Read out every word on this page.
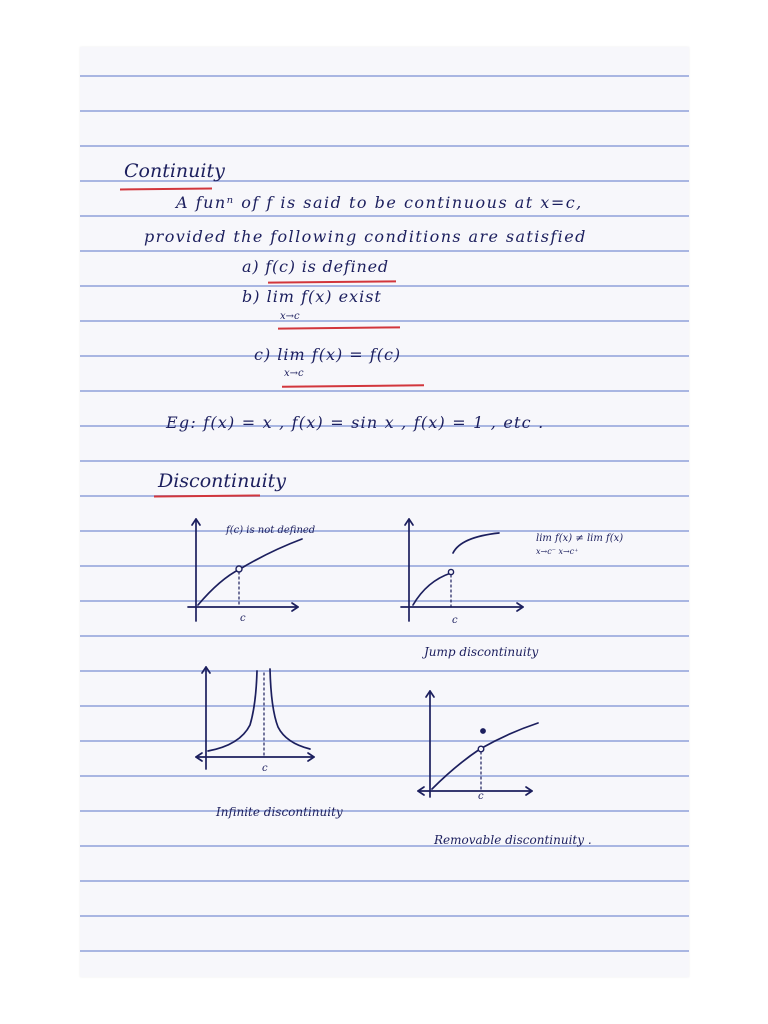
Continuity
A funⁿ of f is said to be continuous at x=c,
provided the following conditions are satisfied
a) f(c) is defined
b) lim f(x) exist
x→c
c) lim f(x) = f(c)
x→c
Eg: f(x) = x , f(x) = sin x , f(x) = 1 , etc .
Discontinuity
f(c) is not defined
c
lim f(x) ≠ lim f(x)
x→c⁻ x→c⁺
c
Jump discontinuity
c
Infinite discontinuity
c
Removable discontinuity .
